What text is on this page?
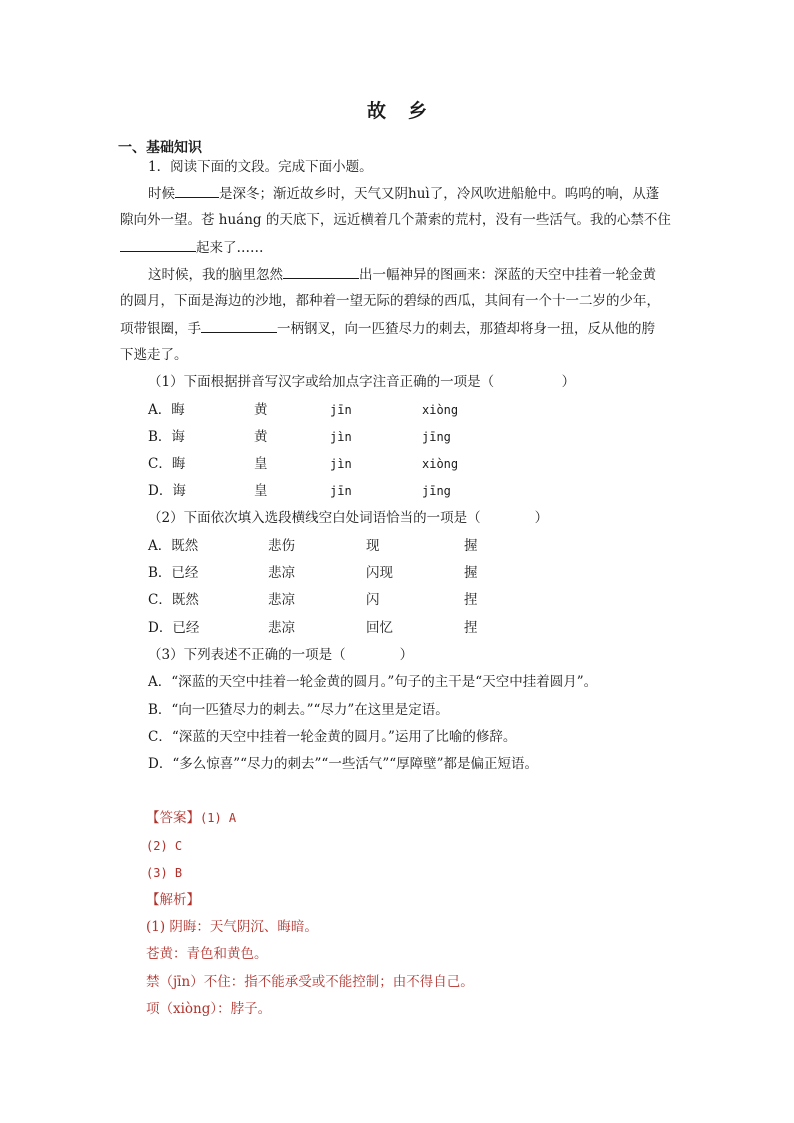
故 乡
一、基础知识
1．阅读下面的文段。完成下面小题。
时候	是深冬；渐近故乡时，天气又阴huì了，冷风吹进船舱中。呜呜的响，从蓬
隙向外一望。苍 huáng 的天底下，远近横着几个萧索的荒村，没有一些活气。我的心禁不住
起来了……
这时候，我的脑里忽然	出一幅神异的图画来：深蓝的天空中挂着一轮金黄
的圆月，下面是海边的沙地，都种着一望无际的碧绿的西瓜，其间有一个十一二岁的少年，
项带银圈，手	一柄钢叉，向一匹猹尽力的刺去，那猹却将身一扭，反从他的胯
下逃走了。
（1）下面根据拼音写汉字或给加点字注音正确的一项是（　　　　　）
A．晦	黄	jīn	xiòng
B．诲	黄	jìn	jīng
C．晦	皇	jìn	xiòng
D．诲	皇	jīn	jīng
（2）下面依次填入选段横线空白处词语恰当的一项是（　　　　）
A．既然	悲伤	现	握
B．已经	悲凉	闪现	握
C．既然	悲凉	闪	捏
D．已经	悲凉	回忆	捏
（3）下列表述不正确的一项是（　　　　）
A．“深蓝的天空中挂着一轮金黄的圆月。”句子的主干是“天空中挂着圆月”。
B．“向一匹猹尽力的刺去。”“尽力”在这里是定语。
C．“深蓝的天空中挂着一轮金黄的圆月。”运用了比喻的修辞。
D．“多么惊喜”“尽力的刺去”“一些活气”“厚障壁”都是偏正短语。
【答案】(1) A
(2) C
(3) B
【解析】
(1) 阴晦：天气阴沉、晦暗。
苍黄：青色和黄色。
禁（jīn）不住：指不能承受或不能控制；由不得自己。
项（xiòng）：脖子。
